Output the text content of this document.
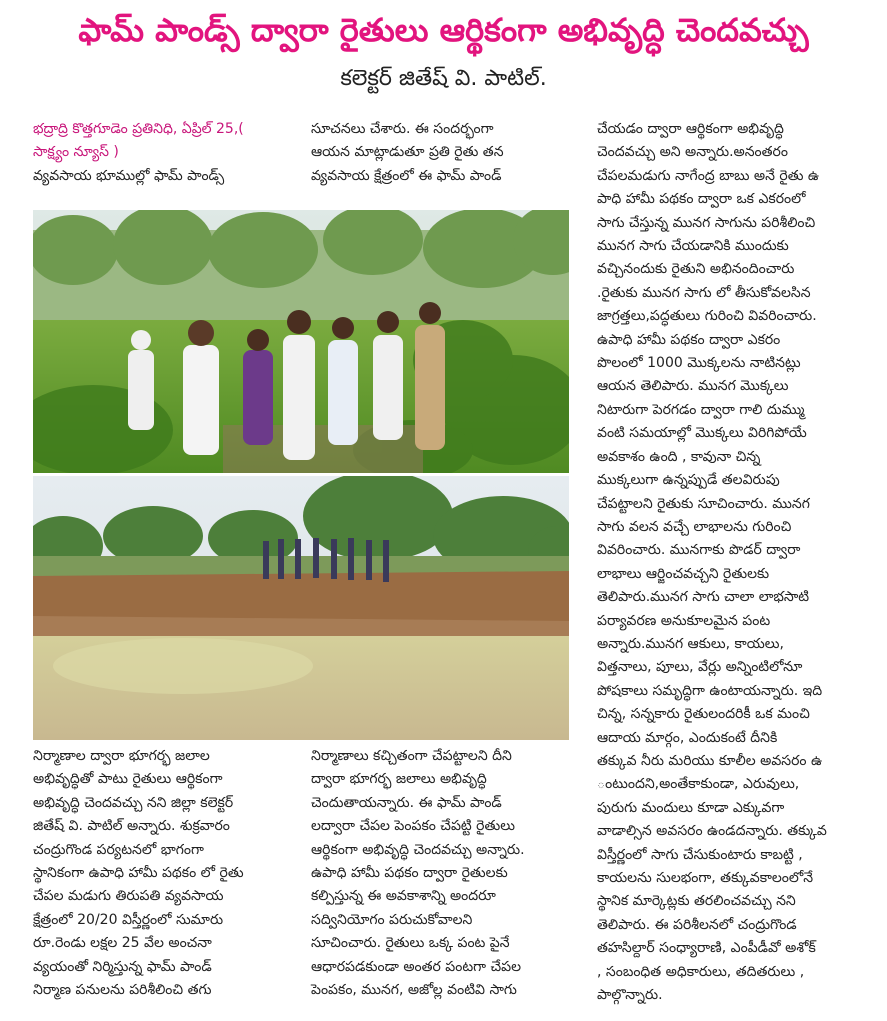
ఫామ్ పాండ్స్ ద్వారా రైతులు ఆర్థికంగా అభివృద్ధి చెందవచ్చు
కలెక్టర్ జితేష్ వి. పాటిల్.

భద్రాద్రి కొత్తగూడెం ప్రతినిధి, ఏప్రిల్ 25,(
సాక్ష్యం న్యూస్ )

వ్యవసాయ భూముల్లో ఫామ్ పాండ్స్

సూచనలు చేశారు. ఈ సందర్భంగా
ఆయన మాట్లాడుతూ ప్రతి రైతు తన
వ్యవసాయ క్షేత్రంలో ఈ ఫామ్ పాండ్

నిర్మాణాల ద్వారా భూగర్భ జలాల
అభివృద్ధితో పాటు రైతులు ఆర్థికంగా
అభివృద్ధి చెందవచ్చు నని జిల్లా కలెక్టర్
జితేష్ వి. పాటిల్ అన్నారు. శుక్రవారం
చంద్రుగొండ పర్యటనలో భాగంగా
స్థానికంగా ఉపాధి హామీ పథకం లో రైతు
చేపల మడుగు తిరుపతి వ్యవసాయ
క్షేత్రంలో 20/20 విస్తీర్ణంలో సుమారు
రూ.రెండు లక్షల 25 వేల అంచనా
వ్యయంతో నిర్మిస్తున్న ఫామ్ పాండ్
నిర్మాణ పనులను పరిశీలించి తగు

నిర్మాణాలు కచ్చితంగా చేపట్టాలని దీని
ద్వారా భూగర్భ జలాలు అభివృద్ధి
చెందుతాయన్నారు. ఈ ఫామ్ పాండ్
లద్వారా చేపల పెంపకం చేపట్టి రైతులు
ఆర్థికంగా అభివృద్ధి చెందవచ్చు అన్నారు.
ఉపాధి హామీ పథకం ద్వారా రైతులకు
కల్పిస్తున్న ఈ అవకాశాన్ని అందరూ
సద్వినియోగం పరుచుకోవాలని
సూచించారు. రైతులు ఒక్క పంట పైనే
ఆధారపడకుండా అంతర పంటగా చేపల
పెంపకం, మునగ, అజోల్ల వంటివి సాగు

చేయడం ద్వారా ఆర్థికంగా అభివృద్ధి
చెందవచ్చు అని అన్నారు.అనంతరం
చేపలమడుగు నాగేంద్ర బాబు అనే రైతు ఉ
పాధి హామీ పథకం ద్వారా ఒక ఎకరంలో
సాగు చేస్తున్న మునగ సాగును పరిశీలించి
మునగ సాగు చేయడానికి ముందుకు
వచ్చినందుకు రైతుని అభినందించారు
.రైతుకు మునగ సాగు లో తీసుకోవలసిన
జాగ్రత్తలు,పద్ధతులు గురించి వివరించారు.
ఉపాధి హామీ పథకం ద్వారా ఎకరం
పొలంలో 1000 మొక్కలను నాటినట్లు
ఆయన తెలిపారు. మునగ మొక్కలు
నిటారుగా పెరగడం ద్వారా గాలి దుమ్ము
వంటి సమయాల్లో మొక్కలు విరిగిపోయే
అవకాశం ఉంది , కావునా చిన్న
ముక్కలుగా ఉన్నప్పుడే తలవిరుపు
చేపట్టాలని రైతుకు సూచించారు. మునగ
సాగు వలన వచ్చే లాభాలను గురించి
వివరించారు. మునగాకు పొడర్ ద్వారా
లాభాలు ఆర్జించవచ్చని రైతులకు
తెలిపారు.మునగ సాగు చాలా లాభసాటి
పర్యావరణ అనుకూలమైన పంట
అన్నారు.మునగ ఆకులు, కాయలు,
విత్తనాలు, పూలు, వేర్లు అన్నింటిలోనూ
పోషకాలు సమృద్ధిగా ఉంటాయన్నారు. ఇది
చిన్న, సన్నకారు రైతులందరికీ ఒక మంచి
ఆదాయ మార్గం, ఎందుకంటే దీనికి
తక్కువ నీరు మరియు కూలీల అవసరం ఉ
ంటుందని,అంతేకాకుండా, ఎరువులు,
పురుగు మందులు కూడా ఎక్కువగా
వాడాల్సిన అవసరం ఉండదన్నారు. తక్కువ
విస్తీర్ణంలో సాగు చేసుకుంటారు కాబట్టి ,
కాయలను సులభంగా, తక్కువకాలంలోనే
స్థానిక మార్కెట్లకు తరలించవచ్చు నని
తెలిపారు. ఈ పరిశీలనలో చంద్రుగొండ
తహసిల్దార్ సంధ్యారాణి, ఎంపీడీవో అశోక్
, సంబంధిత అధికారులు, తదితరులు ,
పాల్గొన్నారు.
